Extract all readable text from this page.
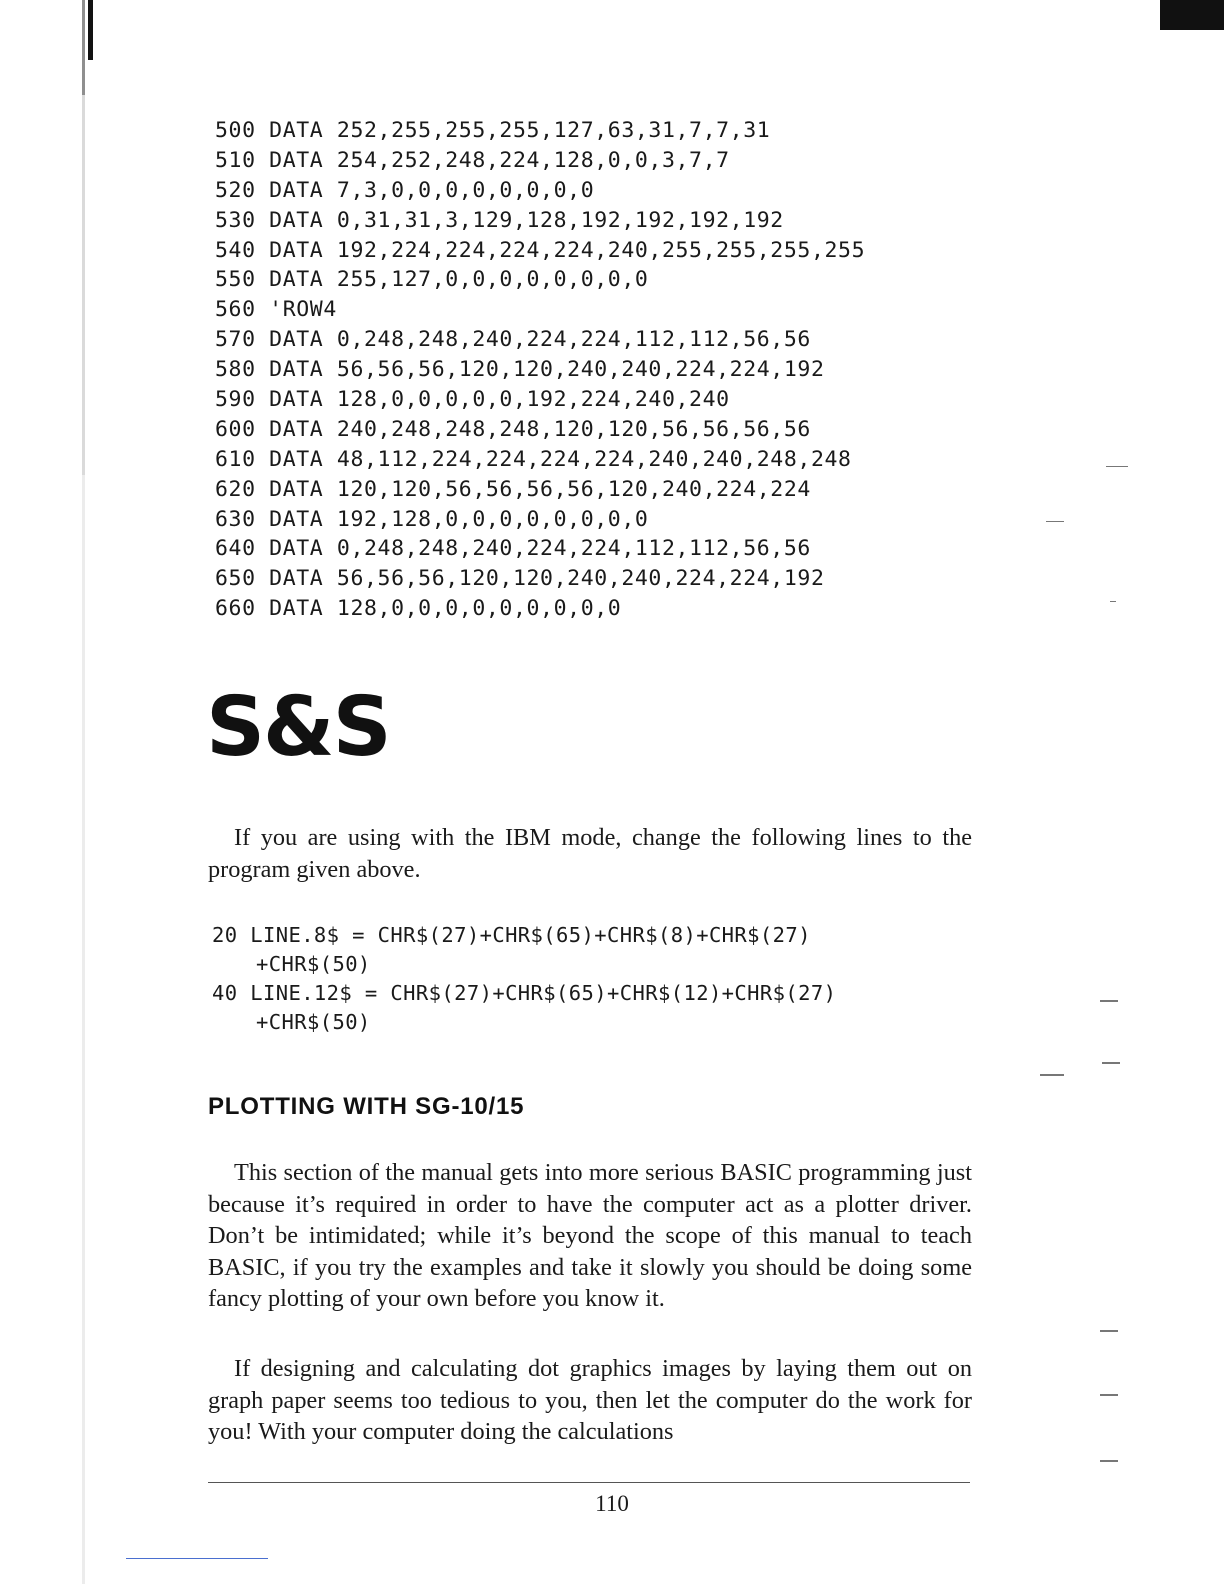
500 DATA 252,255,255,255,127,63,31,7,7,31
510 DATA 254,252,248,224,128,0,0,3,7,7
520 DATA 7,3,0,0,0,0,0,0,0,0
530 DATA 0,31,31,3,129,128,192,192,192,192
540 DATA 192,224,224,224,224,240,255,255,255,255
550 DATA 255,127,0,0,0,0,0,0,0,0
560 'ROW4
570 DATA 0,248,248,240,224,224,112,112,56,56
580 DATA 56,56,56,120,120,240,240,224,224,192
590 DATA 128,0,0,0,0,0,192,224,240,240
600 DATA 240,248,248,248,120,120,56,56,56,56
610 DATA 48,112,224,224,224,224,240,240,248,248
620 DATA 120,120,56,56,56,56,120,240,224,224
630 DATA 192,128,0,0,0,0,0,0,0,0
640 DATA 0,248,248,240,224,224,112,112,56,56
650 DATA 56,56,56,120,120,240,240,224,224,192
660 DATA 128,0,0,0,0,0,0,0,0,0
S&S

If you are using with the IBM mode, change the following lines to the program given above.

20 LINE.8$ = CHR$(27)+CHR$(65)+CHR$(8)+CHR$(27)
+CHR$(50)
40 LINE.12$ = CHR$(27)+CHR$(65)+CHR$(12)+CHR$(27)
+CHR$(50)
PLOTTING WITH SG-10/15

This section of the manual gets into more serious BASIC programming just because it’s required in order to have the computer act as a plotter driver. Don’t be intimidated; while it’s beyond the scope of this manual to teach BASIC, if you try the examples and take it slowly you should be doing some fancy plotting of your own before you know it.

If designing and calculating dot graphics images by laying them out on graph paper seems too tedious to you, then let the computer do the work for you! With your computer doing the calculations

110
